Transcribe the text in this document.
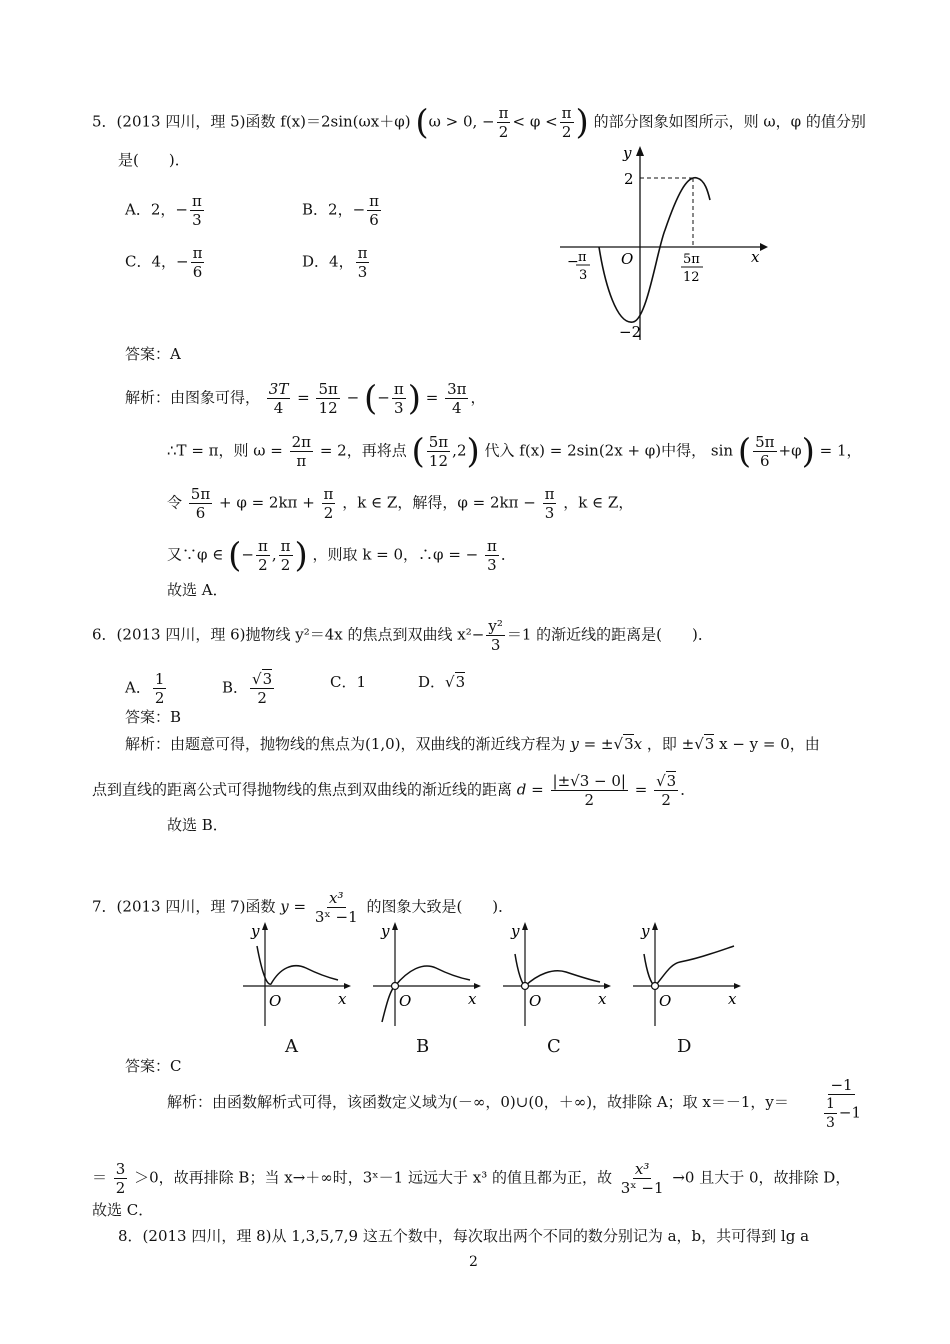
5．(2013 四川，理 5)函数 f(x)＝2sin(ωx＋φ) (ω > 0, − $\frac{\pi}{2} < \varphi < \frac{\pi}{2}$ ) 的部分图象如图所示，则 ω，φ 的值分别
是(　　)．
A．2，− $\frac{\pi}{3}$	B．2，− $\frac{\pi}{6}$
C．4，− $\frac{\pi}{6}$	D．4， $\frac{\pi}{3}$
y
x
O
2
−2
− π
3
5π
12
答案：A
解析：由图象可得， $\frac{3T}{4} = \frac{5\pi}{12}$ − (− $\frac{\pi}{3}$ ) = $\frac{3\pi}{4}$ ，
∴T = π，则 $\omega = \frac{2\pi}{\pi} = 2$，再将点 ( $\frac{5\pi}{12} ,2$) 代入 f(x) = 2sin(2x + φ)中得， sin ( $\frac{5\pi}{6} +\varphi) = 1$，
令 $\frac{5\pi}{6} + \varphi = 2k\pi + \frac{\pi}{2}$ ，k ∈ Z，解得，$\varphi = 2k\pi - \frac{\pi}{3}$ ，k ∈ Z，
又∵φ ∈ (− $\frac{\pi}{2}$ , $\frac{\pi}{2}$ ) ，则取 k = 0，∴φ = − $\frac{\pi}{3}$ ．
故选 A．
6．(2013 四川，理 6)抛物线 y²＝4x 的焦点到双曲线 $x^2- \frac{\text{y²}}{3} =1$ 的渐近线的距离是(　　)．
A． $\frac{1}{2}$	B． $\frac{√3}{2}$	C．1	D．√3
答案：B
解析：由题意可得，抛物线的焦点为(1,0)，双曲线的渐近线方程为 y = ±√3x ，即 ±√3 x − y = 0，由
点到直线的距离公式可得抛物线的焦点到双曲线的渐近线的距离 $d = \frac{|\pm√3 - 0|}{2} = \frac{√3}{2}$ ．
故选 B．
7．(2013 四川，理 7)函数 $y = \frac{\text{x³}}{\text{3ˣ −1}}$ 的图象大致是(　　)．
y
x
O
y
x
O
y
x
O
y
x
O
A	B	C	D
答案：C
解析：由函数解析式可得，该函数定义域为(－∞，0)∪(0，＋∞)，故排除 A；取 x＝－1，$y= \frac{-1}{\frac{1}{3} -1}$
＝ $\frac{3}{2} >0$，故再排除 B；当 x→＋∞时，3ˣ－1 远远大于 x³ 的值且都为正，故 $\frac{\text{x³}}{\text{3ˣ −1}} \to 0$ 且大于 0，故排除 D，
故选 C．
8．(2013 四川，理 8)从 1,3,5,7,9 这五个数中，每次取出两个不同的数分别记为 a，b，共可得到 lg a
2
